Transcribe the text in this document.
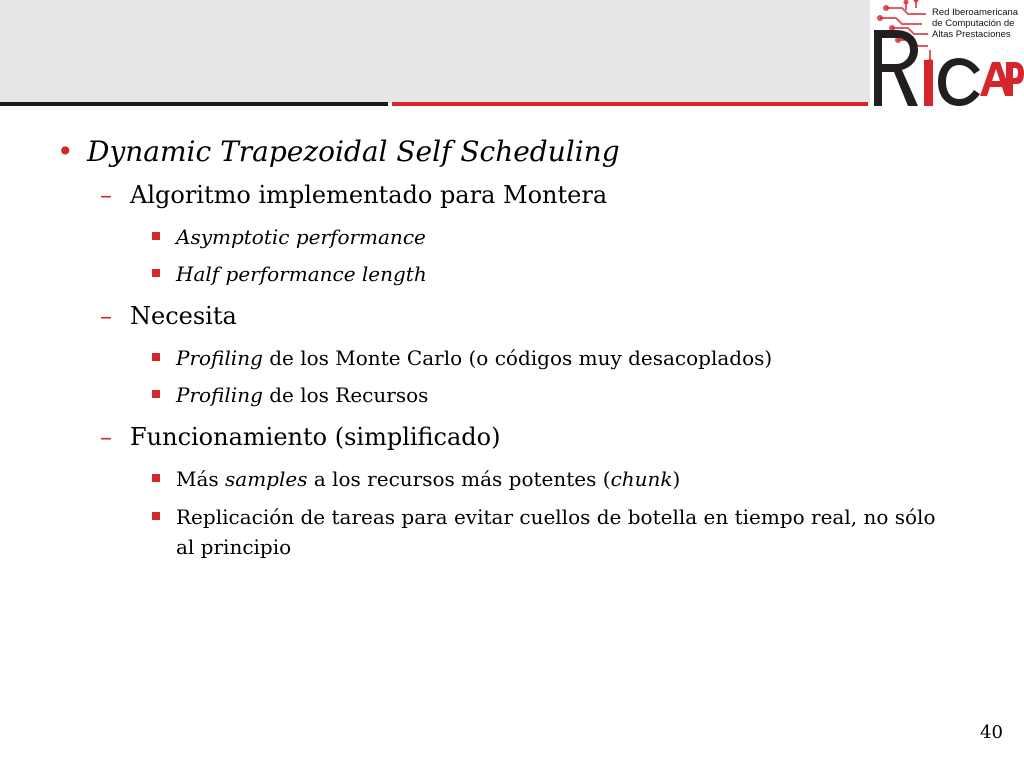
Red Iberoamericana
de Computación de
Altas Prestaciones
• Dynamic Trapezoidal Self Scheduling
– Algoritmo implementado para Montera
Asymptotic performance
Half performance length
– Necesita
Profiling de los Monte Carlo (o códigos muy desacoplados)
Profiling de los Recursos
– Funcionamiento (simplificado)
Más samples a los recursos más potentes (chunk)
Replicación de tareas para evitar cuellos de botella en tiempo real, no sólo al principio
40
